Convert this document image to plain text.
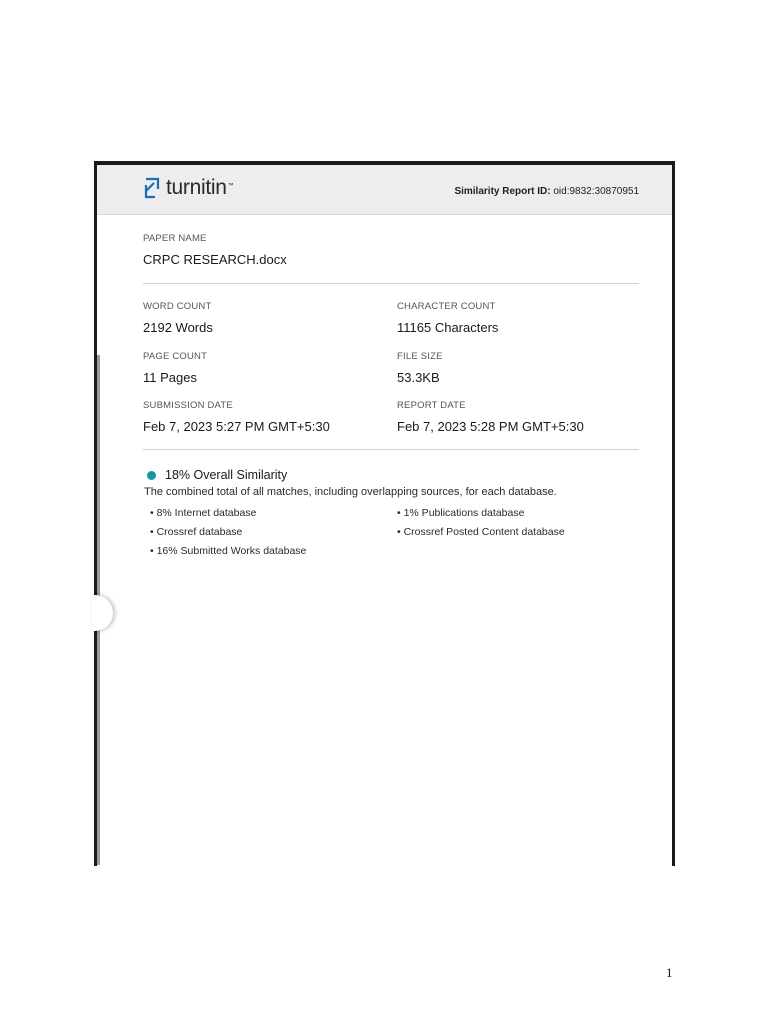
turnitin ™	Similarity Report ID: oid:9832:30870951
PAPER NAME
CRPC RESEARCH.docx
WORD COUNT
2192 Words
CHARACTER COUNT
11165 Characters
PAGE COUNT
11 Pages
FILE SIZE
53.3KB
SUBMISSION DATE
Feb 7, 2023 5:27 PM GMT+5:30
REPORT DATE
Feb 7, 2023 5:28 PM GMT+5:30
18% Overall Similarity
The combined total of all matches, including overlapping sources, for each database.
• 8% Internet database	• 1% Publications database
• Crossref database	• Crossref Posted Content database
• 16% Submitted Works database
1
